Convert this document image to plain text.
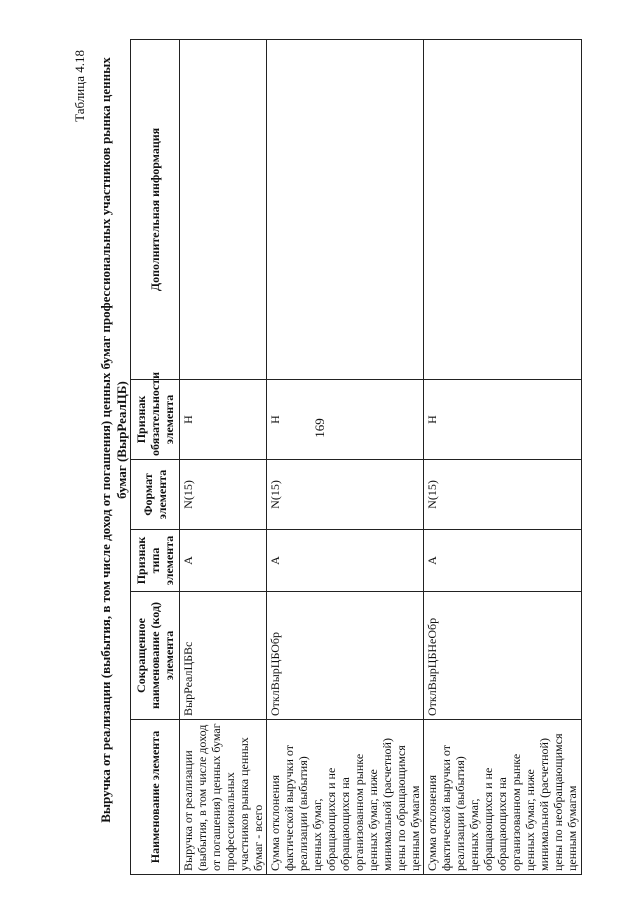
169
Таблица 4.18 Выручка от реализации (выбытия, в том числе доход от погашения) ценных бумаг профессиональных участников рынка ценных бумаг (ВырРеалЦБ)
Наименование элемента	Сокращенное наименование (код) элемента	Признак типа элемента	Формат элемента	Признак обязательности элемента	Дополнительная информация
Выручка от реализации (выбытия, в том числе доход от погашения) ценных бумаг профессиональных участников рынка ценных бумаг - всего	ВырРеалЦБВс	А	N(15)	Н	
Сумма отклонения фактической выручки от реализации (выбытия) ценных бумаг, обращающихся и не обращающихся на организованном рынке ценных бумаг, ниже минимальной (расчетной) цены по обращающимся ценным бумагам	ОтклВырЦБОбр	А	N(15)	Н	
Сумма отклонения фактической выручки от реализации (выбытия) ценных бумаг, обращающихся и не обращающихся на организованном рынке ценных бумаг, ниже минимальной (расчетной) цены по необращающимся ценным бумагам	ОтклВырЦБНеОбр	А	N(15)	Н	
